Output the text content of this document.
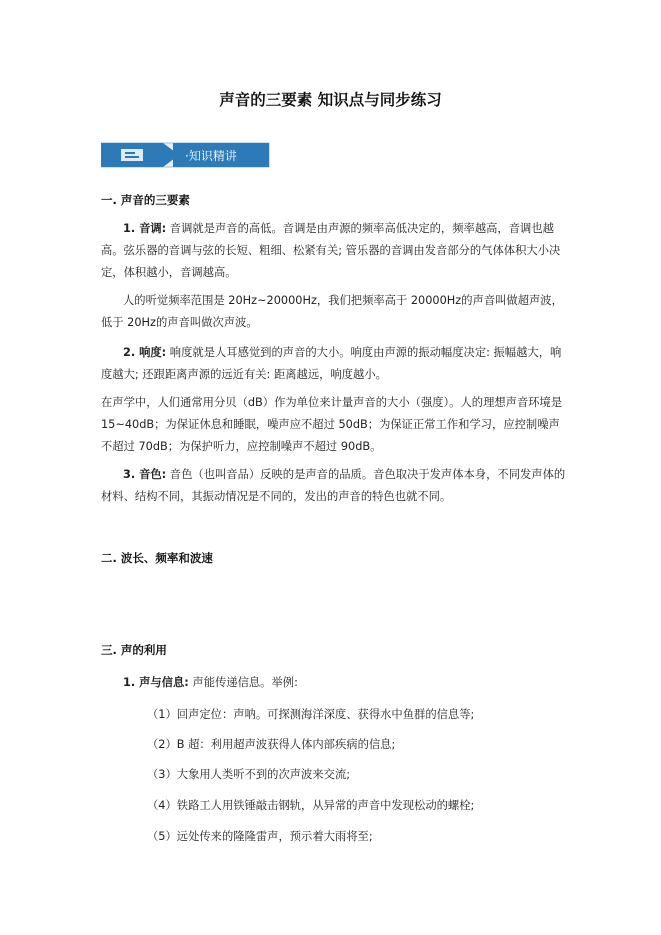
声音的三要素 知识点与同步练习
·知识精讲
一. 声音的三要素
1. 音调: 音调就是声音的高低。音调是由声源的频率高低决定的，频率越高，音调也越高。弦乐器的音调与弦的长短、粗细、松紧有关; 管乐器的音调由发音部分的气体体积大小决定，体积越小，音调越高。
人的听觉频率范围是 20Hz~20000Hz，我们把频率高于 20000Hz的声音叫做超声波，低于 20Hz的声音叫做次声波。
2. 响度: 响度就是人耳感觉到的声音的大小。响度由声源的振动幅度决定: 振幅越大，响度越大; 还跟距离声源的远近有关: 距离越远，响度越小。
在声学中，人们通常用分贝（dB）作为单位来计量声音的大小（强度）。人的理想声音环境是 15~40dB；为保证休息和睡眠，噪声应不超过 50dB；为保证正常工作和学习，应控制噪声不超过 70dB；为保护听力，应控制噪声不超过 90dB。
3. 音色: 音色（也叫音品）反映的是声音的品质。音色取决于发声体本身，不同发声体的材料、结构不同，其振动情况是不同的，发出的声音的特色也就不同。
二. 波长、频率和波速
三. 声的利用
1. 声与信息: 声能传递信息。举例:
（1）回声定位：声呐。可探测海洋深度、获得水中鱼群的信息等;
（2）B 超：利用超声波获得人体内部疾病的信息;
（3）大象用人类听不到的次声波来交流;
（4）铁路工人用铁锤敲击钢轨，从异常的声音中发现松动的螺栓;
（5）远处传来的隆隆雷声，预示着大雨将至;
